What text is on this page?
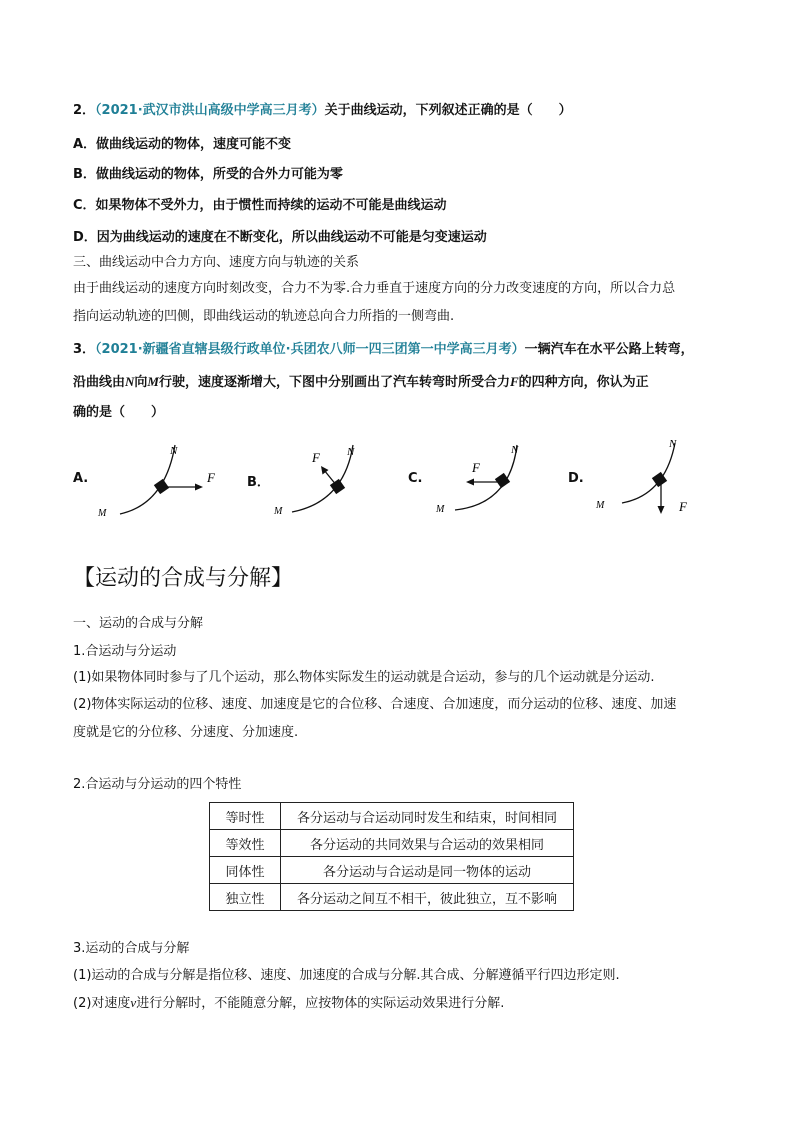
2．（2021·武汉市洪山高级中学高三月考）关于曲线运动，下列叙述正确的是（　　）
A．做曲线运动的物体，速度可能不变
B．做曲线运动的物体，所受的合外力可能为零
C．如果物体不受外力，由于惯性而持续的运动不可能是曲线运动
D．因为曲线运动的速度在不断变化，所以曲线运动不可能是匀变速运动
三、曲线运动中合力方向、速度方向与轨迹的关系
由于曲线运动的速度方向时刻改变，合力不为零.合力垂直于速度方向的分力改变速度的方向，所以合力总
指向运动轨迹的凹侧，即曲线运动的轨迹总向合力所指的一侧弯曲.
3．（2021·新疆省直辖县级行政单位·兵团农八师一四三团第一中学高三月考）一辆汽车在水平公路上转弯，
沿曲线由N向M行驶，速度逐渐增大，下图中分别画出了汽车转弯时所受合力F的四种方向，你认为正
确的是（　　）
A.
N
M
F B．
N
M
F
C.
N
M
F
D.
N
M	F
【运动的合成与分解】
一、运动的合成与分解
1.合运动与分运动
(1)如果物体同时参与了几个运动，那么物体实际发生的运动就是合运动，参与的几个运动就是分运动.
(2)物体实际运动的位移、速度、加速度是它的合位移、合速度、合加速度，而分运动的位移、速度、加速
度就是它的分位移、分速度、分加速度.
2.合运动与分运动的四个特性
等时性	各分运动与合运动同时发生和结束，时间相同
等效性	各分运动的共同效果与合运动的效果相同
同体性	各分运动与合运动是同一物体的运动
独立性	各分运动之间互不相干，彼此独立，互不影响
3.运动的合成与分解
(1)运动的合成与分解是指位移、速度、加速度的合成与分解.其合成、分解遵循平行四边形定则.
(2)对速度v进行分解时，不能随意分解，应按物体的实际运动效果进行分解.
